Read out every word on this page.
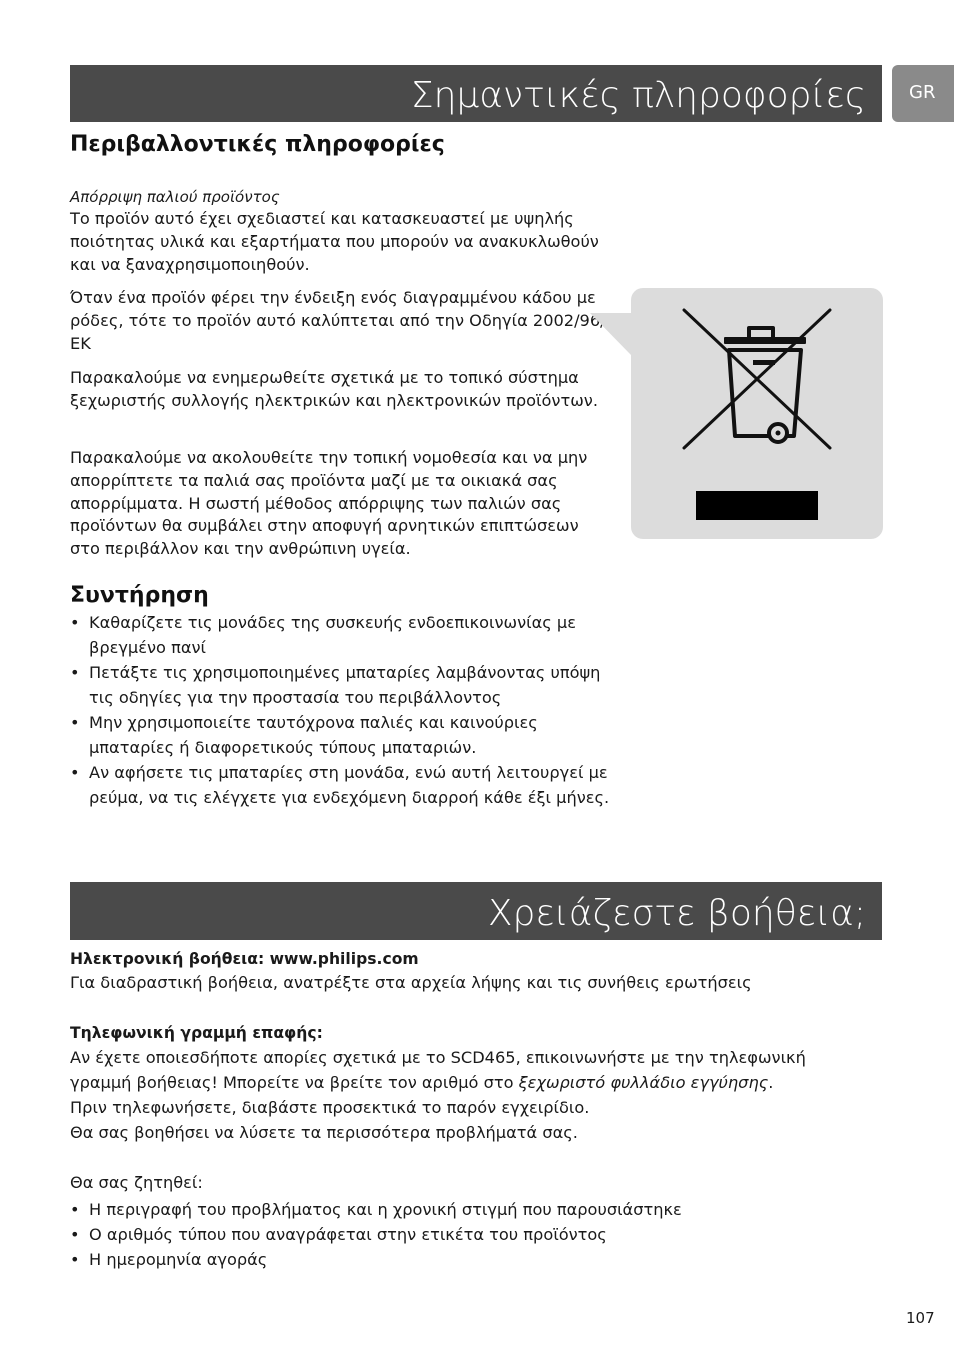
Σημαντικές πληροφορίες	GR
Περιβαλλοντικές πληροφορίες

Απόρριψη παλιού προϊόντος

Το προϊόν αυτό έχει σχεδιαστεί και κατασκευαστεί με υψηλής ποιότητας υλικά και εξαρτήματα που μπορούν να ανακυκλωθούν και να ξαναχρησιμοποιηθούν.

Όταν ένα προϊόν φέρει την ένδειξη ενός διαγραμμένου κάδου με ρόδες, τότε το προϊόν αυτό καλύπτεται από την Οδηγία 2002/96/ΕΚ

Παρακαλούμε να ενημερωθείτε σχετικά με το τοπικό σύστημα ξεχωριστής συλλογής ηλεκτρικών και ηλεκτρονικών προϊόντων.

Παρακαλούμε να ακολουθείτε την τοπική νομοθεσία και να μην απορρίπτετε τα παλιά σας προϊόντα μαζί με τα οικιακά σας απορρίμματα. Η σωστή μέθοδος απόρριψης των παλιών σας προϊόντων θα συμβάλει στην αποφυγή αρνητικών επιπτώσεων στο περιβάλλον και την ανθρώπινη υγεία.

Συντήρηση
• Καθαρίζετε τις μονάδες της συσκευής ενδοεπικοινωνίας με βρεγμένο πανί
• Πετάξτε τις χρησιμοποιημένες μπαταρίες λαμβάνοντας υπόψη τις οδηγίες για την προστασία του περιβάλλοντος
• Μην χρησιμοποιείτε ταυτόχρονα παλιές και καινούριες μπαταρίες ή διαφορετικούς τύπους μπαταριών.
• Αν αφήσετε τις μπαταρίες στη μονάδα, ενώ αυτή λειτουργεί με ρεύμα, να τις ελέγχετε για ενδεχόμενη διαρροή κάθε έξι μήνες.
Χρειάζεστε βοήθεια;
Ηλεκτρονική βοήθεια: www.philips.com
Για διαδραστική βοήθεια, ανατρέξτε στα αρχεία λήψης και τις συνήθεις ερωτήσεις
Τηλεφωνική γραμμή επαφής:
Αν έχετε οποιεσδήποτε απορίες σχετικά με το SCD465, επικοινωνήστε με την τηλεφωνική
γραμμή βοήθειας! Μπορείτε να βρείτε τον αριθμό στο ξεχωριστό φυλλάδιο εγγύησης.
Πριν τηλεφωνήσετε, διαβάστε προσεκτικά το παρόν εγχειρίδιο.
Θα σας βοηθήσει να λύσετε τα περισσότερα προβλήματά σας.
Θα σας ζητηθεί:
• Η περιγραφή του προβλήματος και η χρονική στιγμή που παρουσιάστηκε
• Ο αριθμός τύπου που αναγράφεται στην ετικέτα του προϊόντος
• Η ημερομηνία αγοράς
107
